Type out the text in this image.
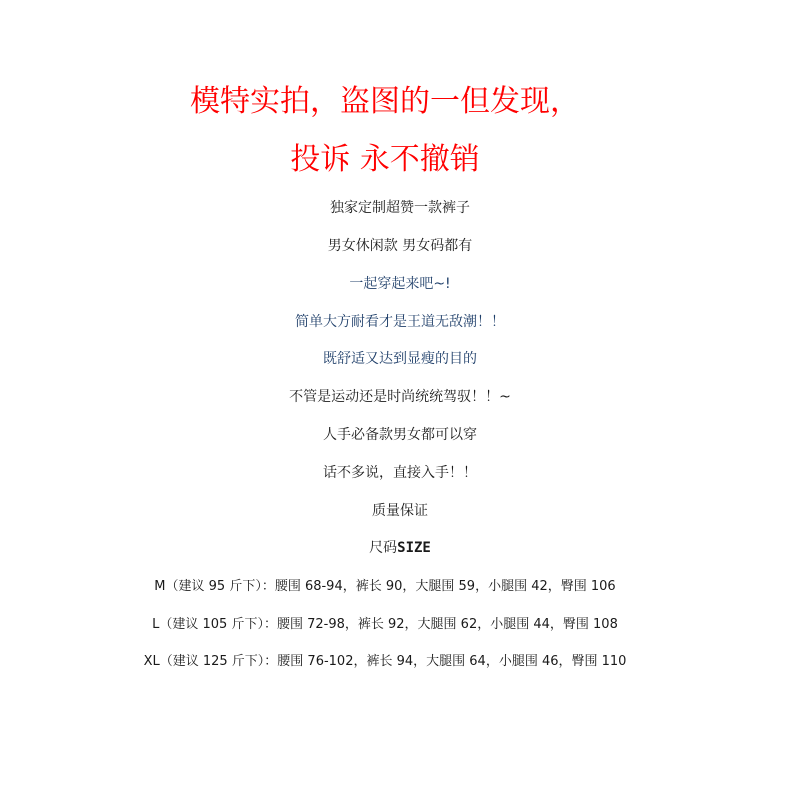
模特实拍，盗图的一但发现，
投诉 永不撤销
独家定制超赞一款裤子
男女休闲款 男女码都有
一起穿起来吧~!
简单大方耐看才是王道无敌潮！！
既舒适又达到显瘦的目的
不管是运动还是时尚统统驾驭！！~
人手必备款男女都可以穿
话不多说，直接入手！！
质量保证
尺码SIZE
M（建议 95 斤下）：腰围 68-94，裤长 90，大腿围 59，小腿围 42，臀围 106
L（建议 105 斤下）：腰围 72-98，裤长 92，大腿围 62，小腿围 44，臀围 108
XL（建议 125 斤下）：腰围 76-102，裤长 94，大腿围 64，小腿围 46，臀围 110
